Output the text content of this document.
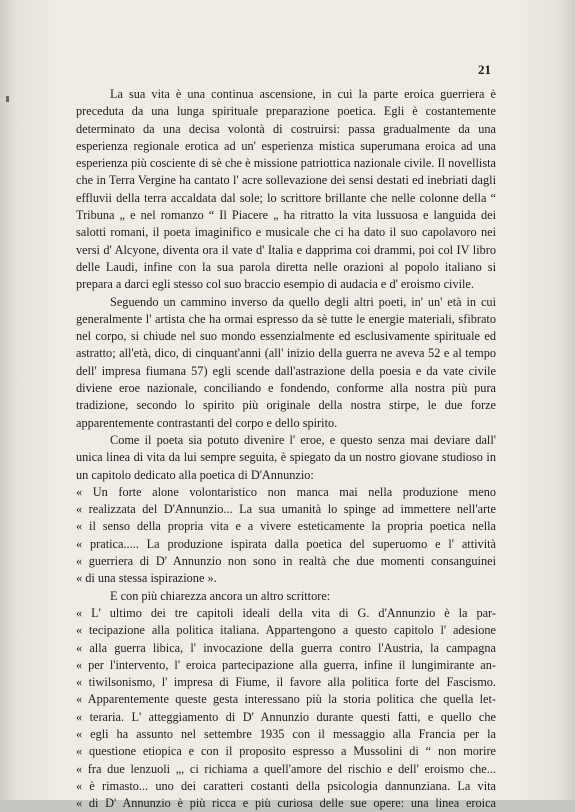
21

La sua vita è una continua ascensione, in cui la parte eroica guerriera è preceduta da una lunga spirituale preparazione poetica. Egli è costantemente determinato da una decisa volontà di costruirsi: passa gradualmente da una esperienza regionale erotica ad un' esperienza mistica superumana eroica ad una esperienza più cosciente di sè che è missione patriottica nazionale civile. Il novellista che in Terra Vergine ha cantato l' acre sollevazione dei sensi destati ed inebriati dagli effluvii della terra accaldata dal sole; lo scrittore brillante che nelle colonne della “ Tribuna „ e nel romanzo “ Il Piacere „ ha ritratto la vita lussuosa e languida dei salotti romani, il poeta imaginifico e musicale che ci ha dato il suo capolavoro nei versi d' Alcyone, diventa ora il vate d' Italia e dapprima coi drammi, poi col IV libro delle Laudi, infine con la sua parola diretta nelle orazioni al popolo italiano si prepara a darci egli stesso col suo braccio esempio di audacia e d' eroismo civile.

Seguendo un cammino inverso da quello degli altri poeti, in' un' età in cui generalmente l' artista che ha ormai espresso da sè tutte le energie materiali, sfibrato nel corpo, si chiude nel suo mondo essenzialmente ed esclusivamente spirituale ed astratto; all'età, dico, di cinquant'anni (all' inizio della guerra ne aveva 52 e al tempo dell' impresa fiumana 57) egli scende dall'astrazione della poesia e da vate civile diviene eroe nazionale, conciliando e fondendo, conforme alla nostra più pura tradizione, secondo lo spirito più originale della nostra stirpe, le due forze apparentemente contrastanti del corpo e dello spirito.

Come il poeta sia potuto divenire l' eroe, e questo senza mai deviare dall' unica linea di vita da lui sempre seguita, è spiegato da un nostro giovane studioso in un capitolo dedicato alla poetica di D'Annunzio:

« Un forte alone volontaristico non manca mai nella produzione meno
« realizzata del D'Annunzio... La sua umanità lo spinge ad immettere nell'arte
« il senso della propria vita e a vivere esteticamente la propria poetica nella
« pratica..... La produzione ispirata dalla poetica del superuomo e l' attività
« guerriera di D' Annunzio non sono in realtà che due momenti consanguinei
« di una stessa ispirazione ».

E con più chiarezza ancora un altro scrittore:

« L' ultimo dei tre capitoli ideali della vita di G. d'Annunzio è la par-
« tecipazione alla politica italiana. Appartengono a questo capitolo l' adesione
« alla guerra libica, l' invocazione della guerra contro l'Austria, la campagna
« per l'intervento, l' eroica partecipazione alla guerra, infine il lungimirante an-
« tiwilsonismo, l' impresa di Fiume, il favore alla politica forte del Fascismo.
« Apparentemente queste gesta interessano più la storia politica che quella let-
« teraria. L' atteggiamento di D' Annunzio durante questi fatti, e quello che
« egli ha assunto nel settembre 1935 con il messaggio alla Francia per la
« questione etiopica e con il proposito espresso a Mussolini di “ non morire
« fra due lenzuoli „, ci richiama a quell'amore del rischio e dell' eroismo che...
« è rimasto... uno dei caratteri costanti della psicologia dannunziana. La vita
« di D' Annunzio è più ricca e più curiosa delle sue opere: una linea eroica
